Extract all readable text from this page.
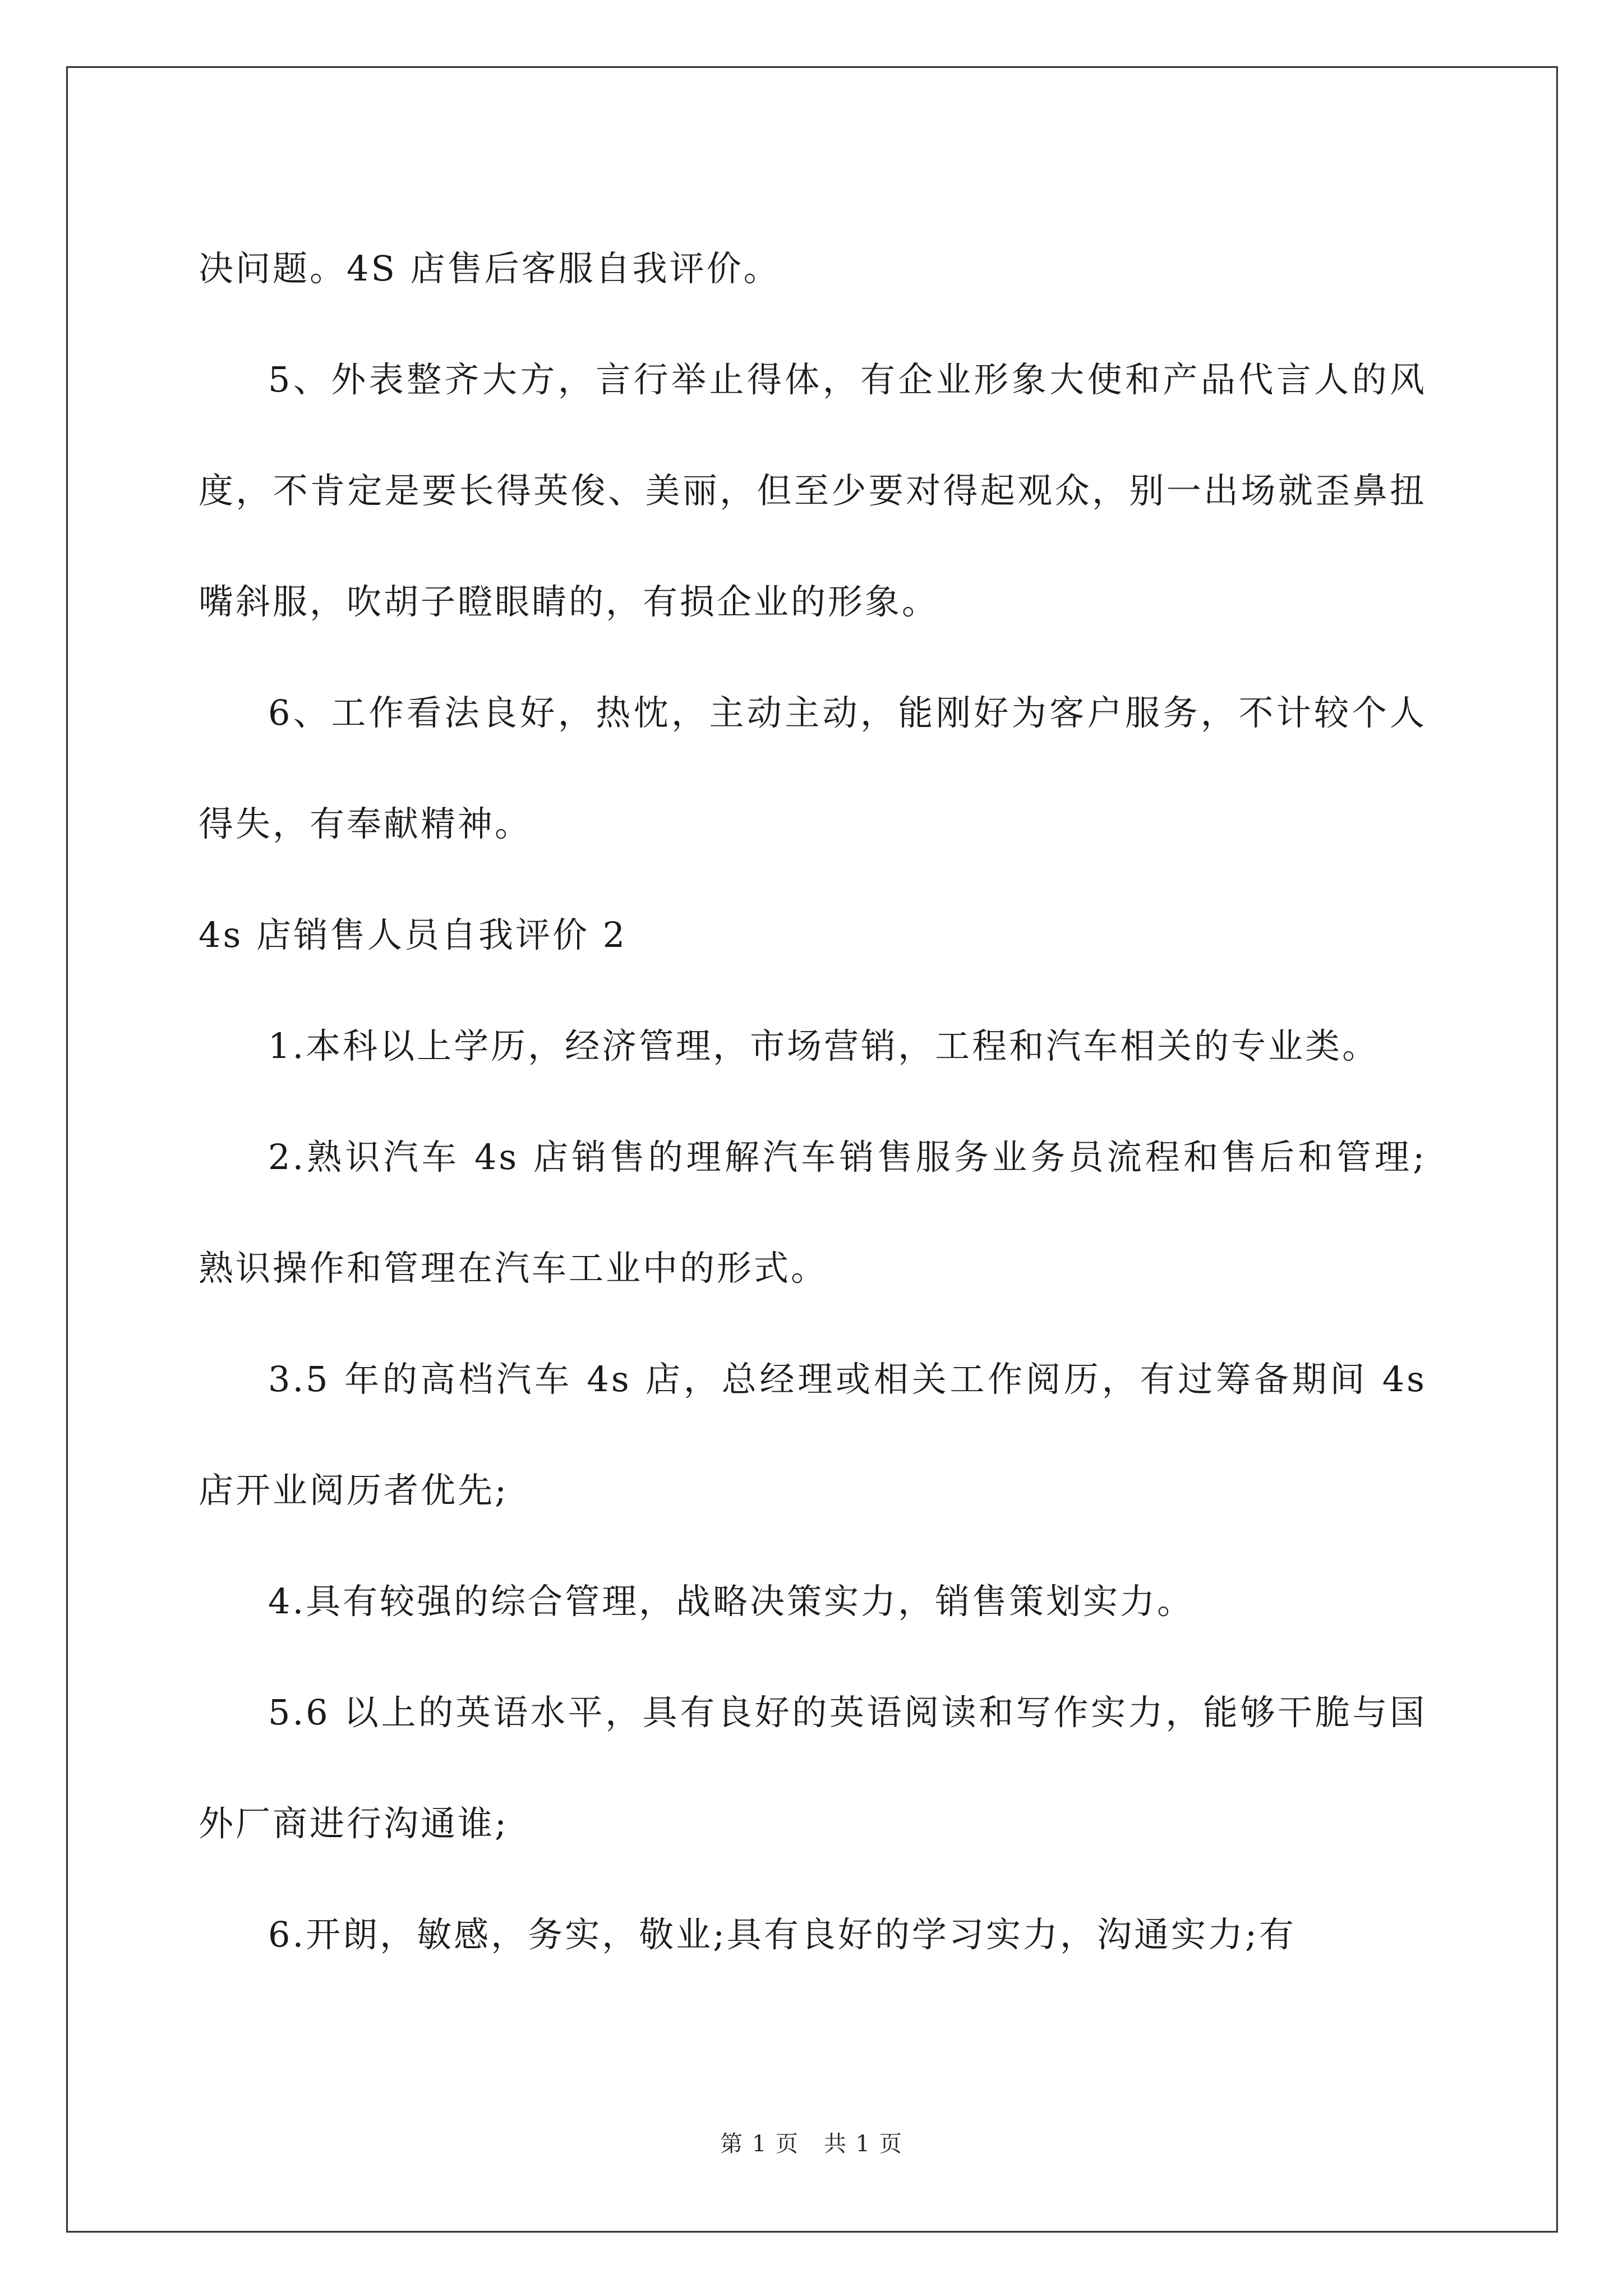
决问题。4S 店售后客服自我评价。

5、外表整齐大方，言行举止得体，有企业形象大使和产品代言人的风度，不肯定是要长得英俊、美丽，但至少要对得起观众，别一出场就歪鼻扭嘴斜服，吹胡子瞪眼睛的，有损企业的形象。

6、工作看法良好，热忱，主动主动，能刚好为客户服务，不计较个人得失，有奉献精神。

4s 店销售人员自我评价 2

1.本科以上学历，经济管理，市场营销，工程和汽车相关的专业类。

2.熟识汽车 4s 店销售的理解汽车销售服务业务员流程和售后和管理;熟识操作和管理在汽车工业中的形式。

3.5 年的高档汽车 4s 店，总经理或相关工作阅历，有过筹备期间 4s 店开业阅历者优先;

4.具有较强的综合管理，战略决策实力，销售策划实力。

5.6 以上的英语水平，具有良好的英语阅读和写作实力，能够干脆与国外厂商进行沟通谁;

6.开朗，敏感，务实，敬业;具有良好的学习实力，沟通实力;有

第 1 页 共 1 页
